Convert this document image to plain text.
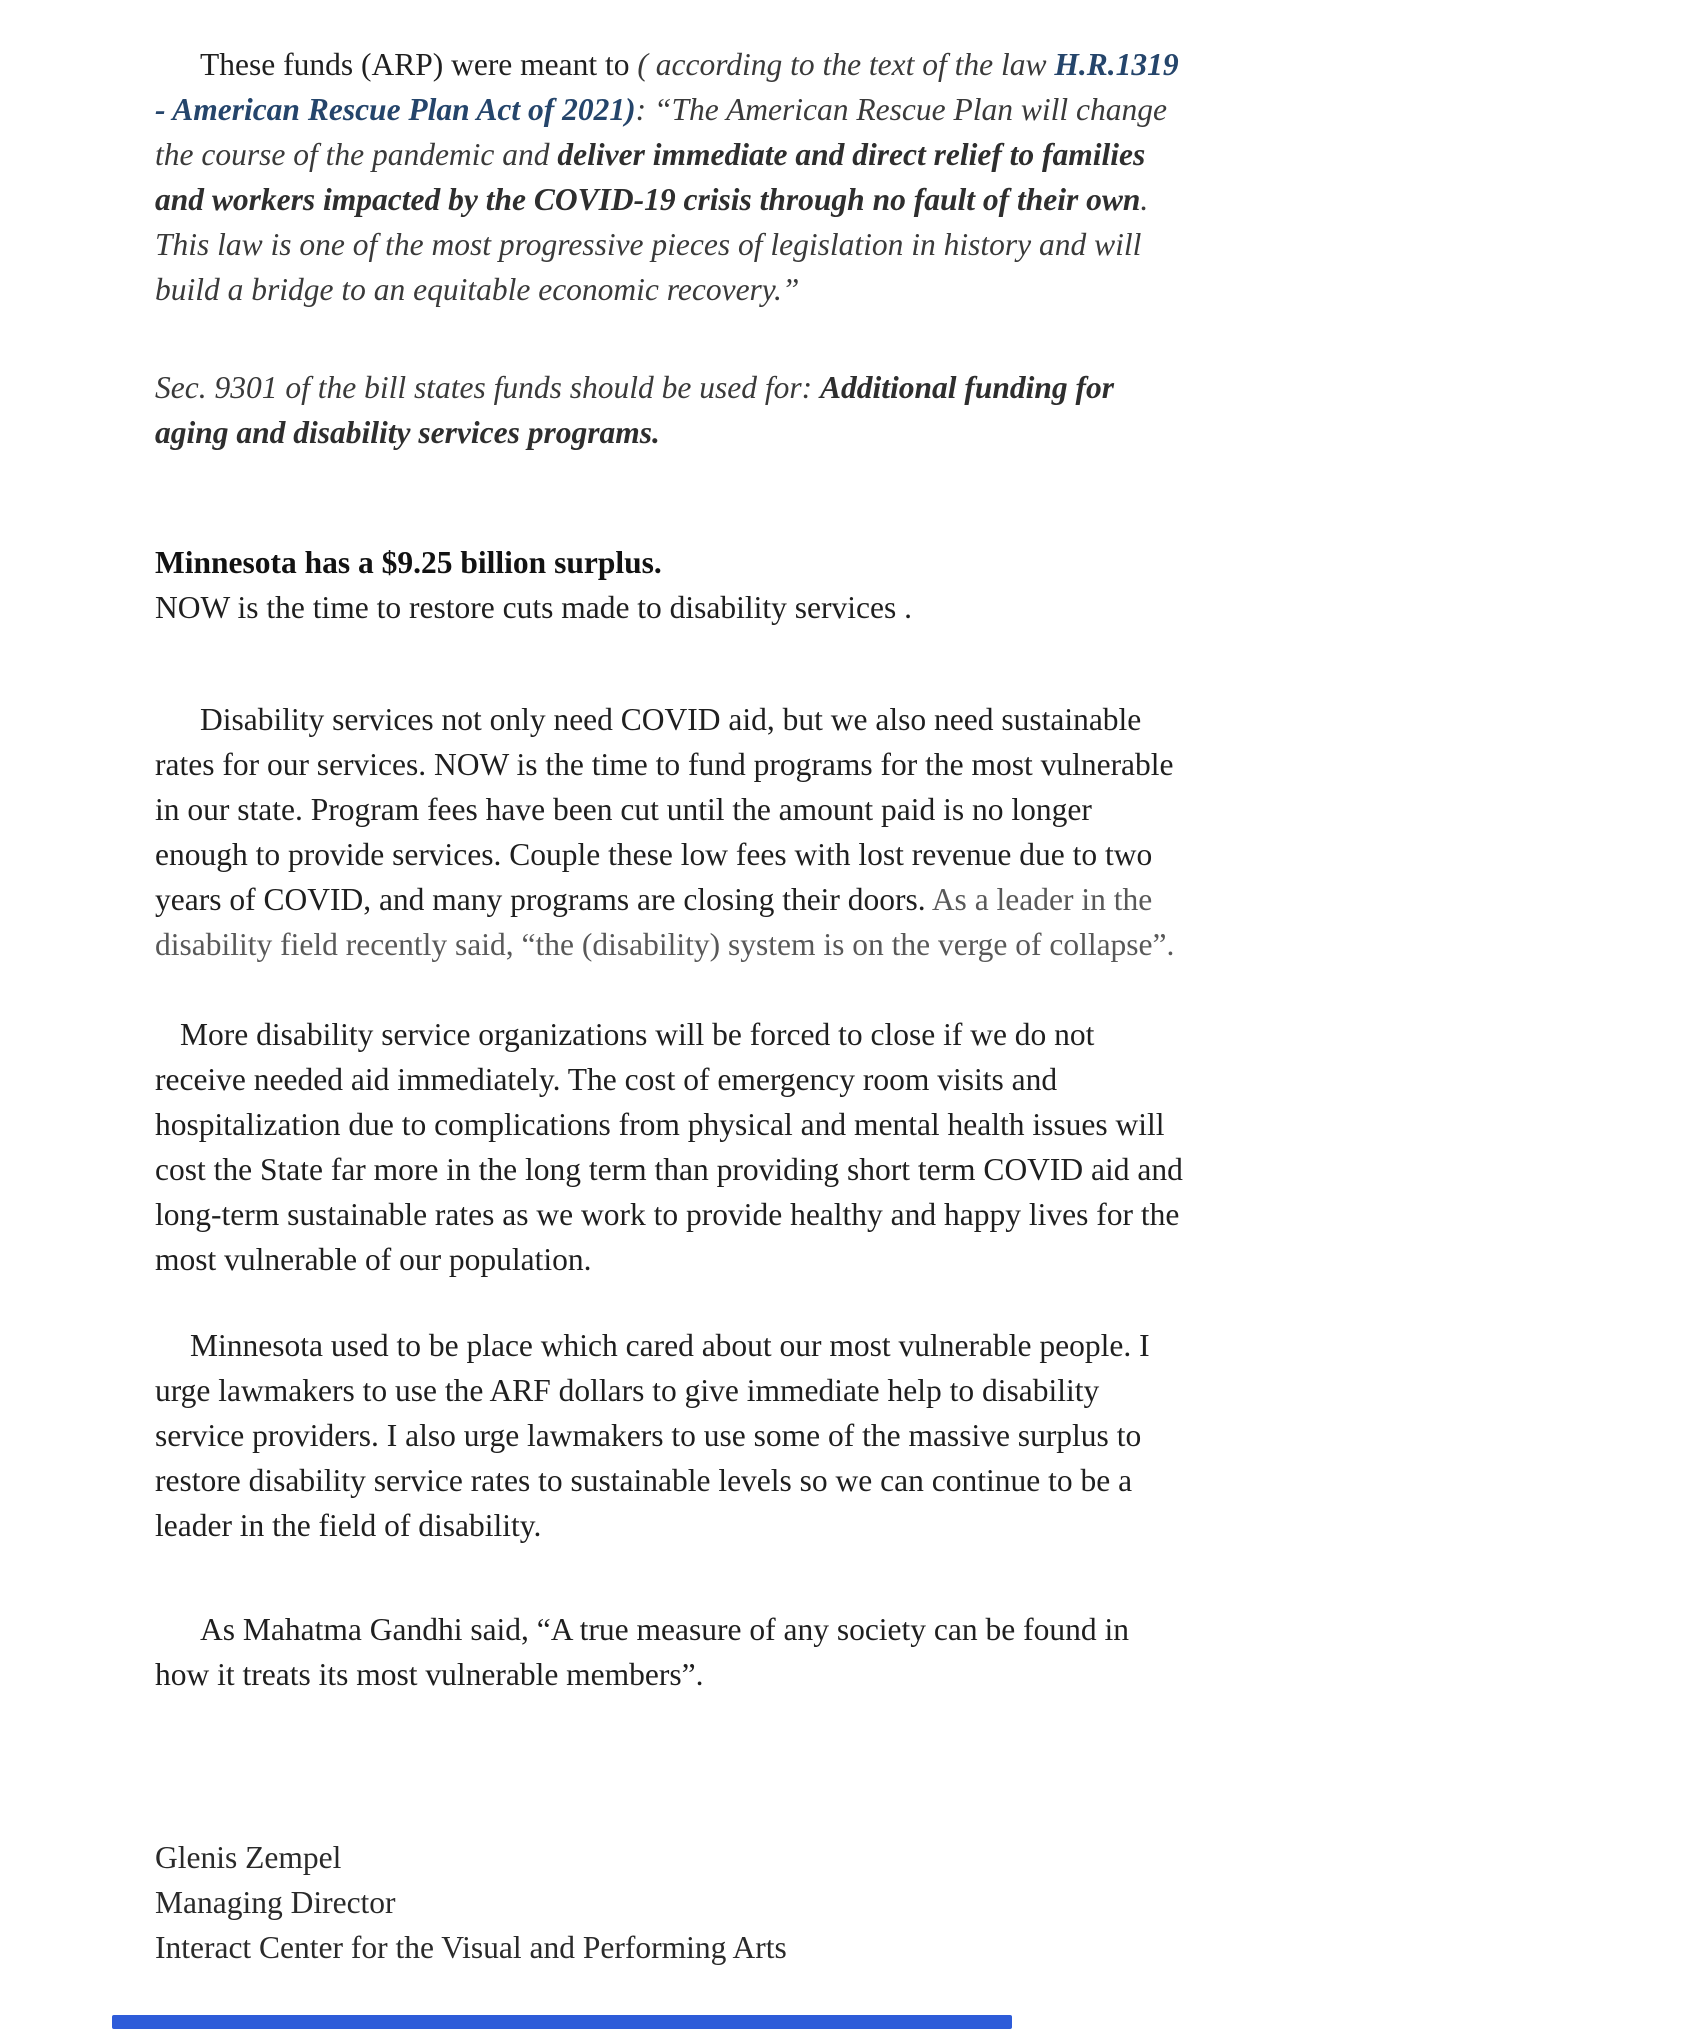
These funds (ARP) were meant to ( according to the text of the law H.R.1319 - American Rescue Plan Act of 2021): “The American Rescue Plan will change the course of the pandemic and deliver immediate and direct relief to families and workers impacted by the COVID-19 crisis through no fault of their own. This law is one of the most progressive pieces of legislation in history and will build a bridge to an equitable economic recovery.”

Sec. 9301 of the bill states funds should be used for: Additional funding for aging and disability services programs.

Minnesota has a $9.25 billion surplus.

NOW is the time to restore cuts made to disability services .

Disability services not only need COVID aid, but we also need sustainable rates for our services. NOW is the time to fund programs for the most vulnerable in our state. Program fees have been cut until the amount paid is no longer enough to provide services. Couple these low fees with lost revenue due to two years of COVID, and many programs are closing their doors. As a leader in the disability field recently said, “the (disability) system is on the verge of collapse”.

More disability service organizations will be forced to close if we do not receive needed aid immediately. The cost of emergency room visits and hospitalization due to complications from physical and mental health issues will cost the State far more in the long term than providing short term COVID aid and long-term sustainable rates as we work to provide healthy and happy lives for the most vulnerable of our population.

Minnesota used to be place which cared about our most vulnerable people. I urge lawmakers to use the ARF dollars to give immediate help to disability service providers. I also urge lawmakers to use some of the massive surplus to restore disability service rates to sustainable levels so we can continue to be a leader in the field of disability.

As Mahatma Gandhi said, “A true measure of any society can be found in how it treats its most vulnerable members”.

Glenis Zempel

Managing Director

Interact Center for the Visual and Performing Arts
